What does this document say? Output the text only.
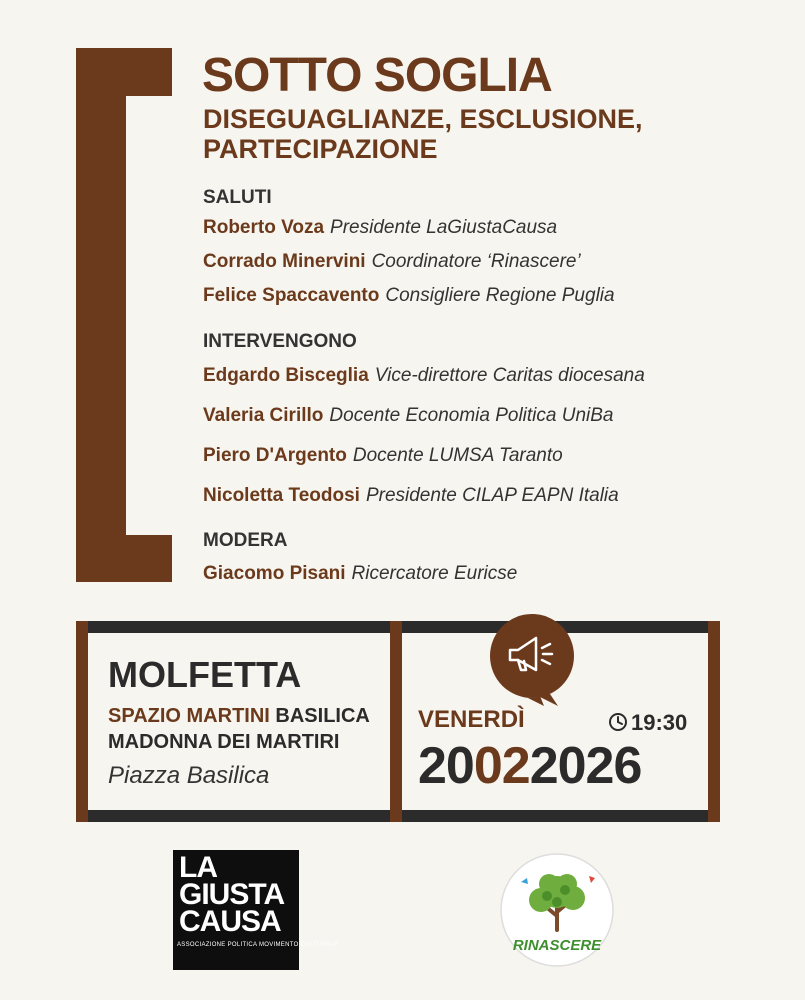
SOTTO SOGLIA
DISEGUAGLIANZE, ESCLUSIONE, PARTECIPAZIONE
SALUTI
Roberto Voza Presidente LaGiustaCausa
Corrado Minervini Coordinatore ‘Rinascere’
Felice Spaccavento Consigliere Regione Puglia
INTERVENGONO
Edgardo Bisceglia Vice-direttore Caritas diocesana
Valeria Cirillo Docente Economia Politica UniBa
Piero D'Argento Docente LUMSA Taranto
Nicoletta Teodosi Presidente CILAP EAPN Italia
MODERA
Giacomo Pisani Ricercatore Euricse
MOLFETTA
SPAZIO MARTINI BASILICA
MADONNA DEI MARTIRI
Piazza Basilica
VENERDÌ	19:30
20022026
LA
GIUSTA
CAUSA
ASSOCIAZIONE POLITICA MOVIMENTO CULTURALE	RINASCERE
